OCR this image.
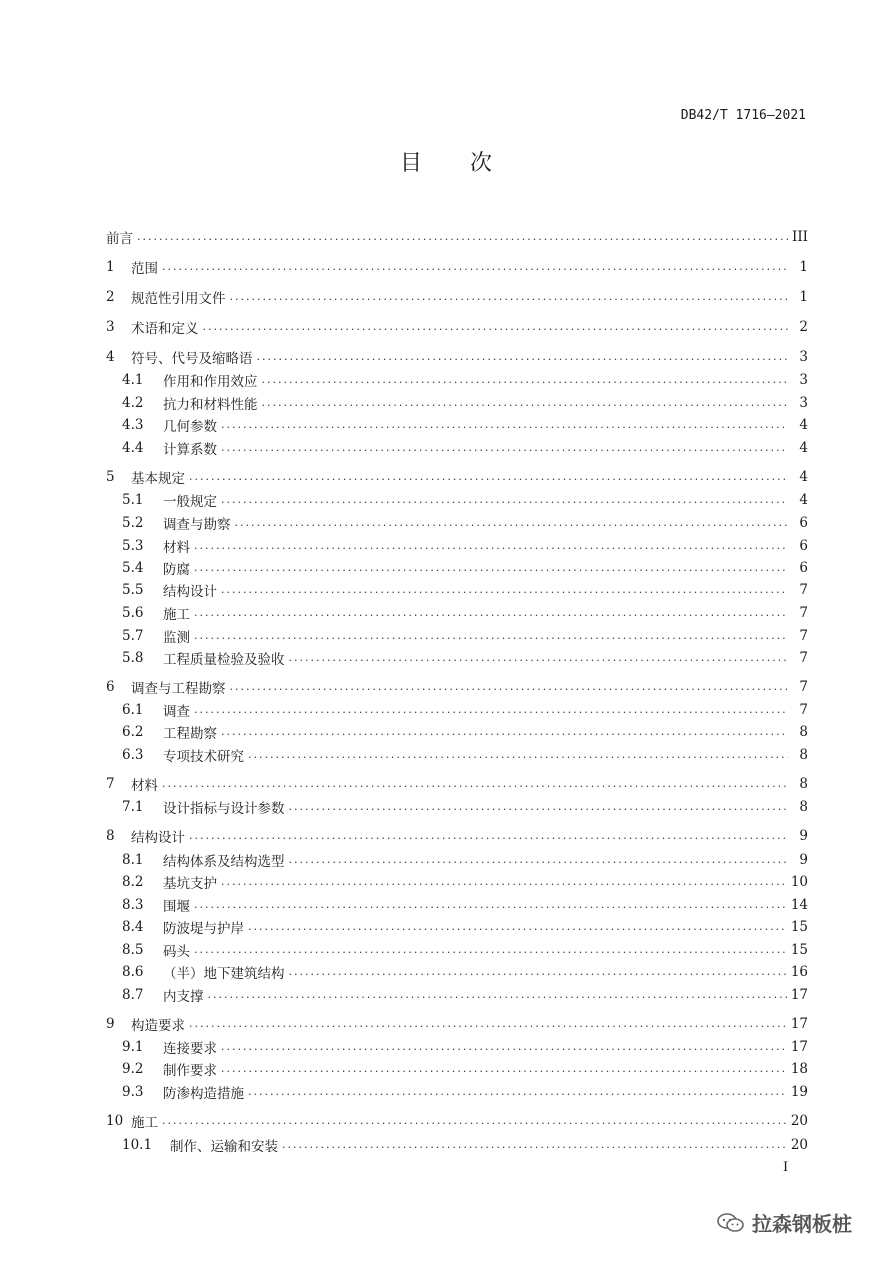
DB42/T 1716—2021
目 次
前言 .....	III
1	范围 .....	1
2	规范性引用文件 .....	1
3	术语和定义 .....	2
4	符号、代号及缩略语 .....	3
4.1	作用和作用效应 .....	3
4.2	抗力和材料性能 .....	3
4.3	几何参数 .....	4
4.4	计算系数 .....	4
5	基本规定 .....	4
5.1	一般规定 .....	4
5.2	调查与勘察 .....	6
5.3	材料 .....	6
5.4	防腐 .....	6
5.5	结构设计 .....	7
5.6	施工 .....	7
5.7	监测 .....	7
5.8	工程质量检验及验收 .....	7
6	调查与工程勘察 .....	7
6.1	调查 .....	7
6.2	工程勘察 .....	8
6.3	专项技术研究 .....	8
7	材料 .....	8
7.1	设计指标与设计参数 .....	8
8	结构设计 .....	9
8.1	结构体系及结构选型 .....	9
8.2	基坑支护 .....	10
8.3	围堰 .....	14
8.4	防波堤与护岸 .....	15
8.5	码头 .....	15
8.6	（半）地下建筑结构 .....	16
8.7	内支撑 .....	17
9	构造要求 .....	17
9.1	连接要求 .....	17
9.2	制作要求 .....	18
9.3	防渗构造措施 .....	19
10 施工 .....	20
10.1	制作、运输和安装 .....	20
I
拉森钢板桩
